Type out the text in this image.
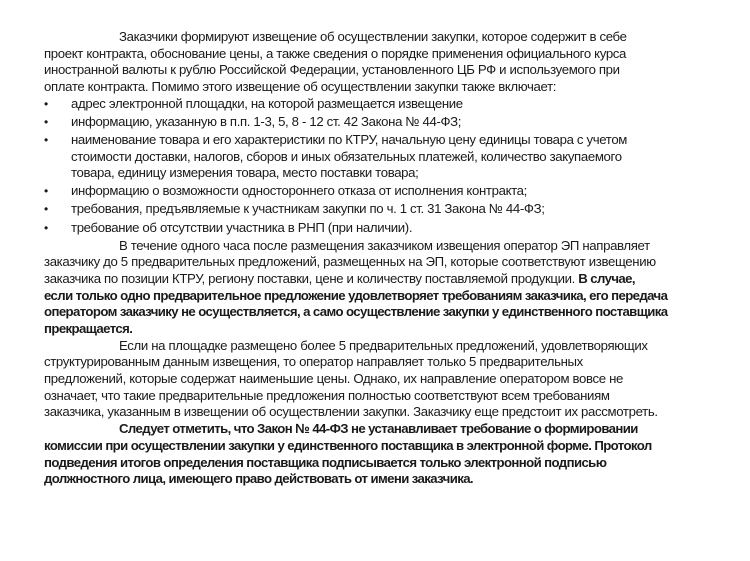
Заказчики формируют извещение об осуществлении закупки, которое содержит в себе
проект контракта, обоснование цены, а также сведения о порядке применения официального курса
иностранной валюты к рублю Российской Федерации, установленного ЦБ РФ и используемого при
оплате контракта. Помимо этого извещение об осуществлении закупки также включает:
• адрес электронной площадки, на которой размещается извещение
• информацию, указанную в п.п. 1-3, 5, 8 - 12 ст. 42 Закона № 44-ФЗ;
• наименование товара и его характеристики по КТРУ, начальную цену единицы товара с учетом
стоимости доставки, налогов, сборов и иных обязательных платежей, количество закупаемого
товара, единицу измерения товара, место поставки товара;
• информацию о возможности одностороннего отказа от исполнения контракта;
• требования, предъявляемые к участникам закупки по ч. 1 ст. 31 Закона № 44-ФЗ;
• требование об отсутствии участника в РНП (при наличии).
В течение одного часа после размещения заказчиком извещения оператор ЭП направляет
заказчику до 5 предварительных предложений, размещенных на ЭП, которые соответствуют извещению
заказчика по позиции КТРУ, региону поставки, цене и количеству поставляемой продукции. В случае,
если только одно предварительное предложение удовлетворяет требованиям заказчика, его передача
оператором заказчику не осуществляется, а само осуществление закупки у единственного поставщика
прекращается.
Если на площадке размещено более 5 предварительных предложений, удовлетворяющих
структурированным данным извещения, то оператор направляет только 5 предварительных
предложений, которые содержат наименьшие цены. Однако, их направление оператором вовсе не
означает, что такие предварительные предложения полностью соответствуют всем требованиям
заказчика, указанным в извещении об осуществлении закупки. Заказчику еще предстоит их рассмотреть.
Следует отметить, что Закон № 44-ФЗ не устанавливает требование о формировании
комиссии при осуществлении закупки у единственного поставщика в электронной форме. Протокол
подведения итогов определения поставщика подписывается только электронной подписью
должностного лица, имеющего право действовать от имени заказчика.
